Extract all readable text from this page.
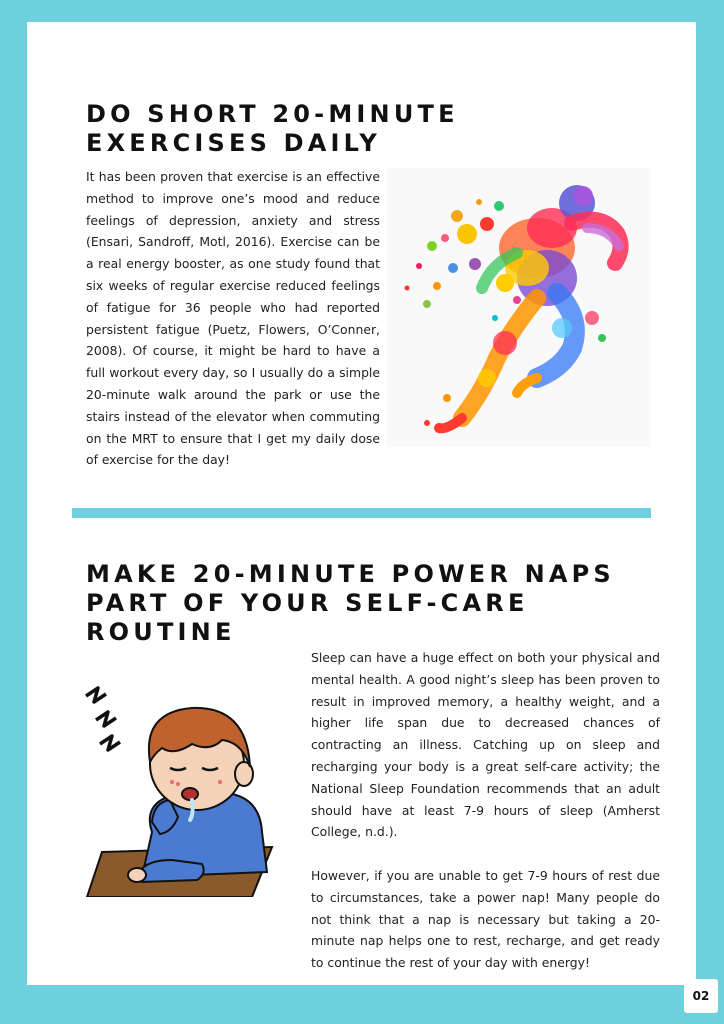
DO SHORT 20-MINUTE EXERCISES DAILY

It has been proven that exercise is an effective method to improve one’s mood and reduce feelings of depression, anxiety and stress (Ensari, Sandroff, Motl, 2016). Exercise can be a real energy booster, as one study found that six weeks of regular exercise reduced feelings of fatigue for 36 people who had reported persistent fatigue (Puetz, Flowers, O’Conner, 2008). Of course, it might be hard to have a full workout every day, so I usually do a simple 20-minute walk around the park or use the stairs instead of the elevator when commuting on the MRT to ensure that I get my daily dose of exercise for the day!

MAKE 20-MINUTE POWER NAPS PART OF YOUR SELF-CARE ROUTINE

Sleep can have a huge effect on both your physical and mental health. A good night’s sleep has been proven to result in improved memory, a healthy weight, and a higher life span due to decreased chances of contracting an illness. Catching up on sleep and recharging your body is a great self-care activity; the National Sleep Foundation recommends that an adult should have at least 7-9 hours of sleep (Amherst College, n.d.).

However, if you are unable to get 7-9 hours of rest due to circumstances, take a power nap! Many people do not think that a nap is necessary but taking a 20-minute nap helps one to rest, recharge, and get ready to continue the rest of your day with energy!

02
